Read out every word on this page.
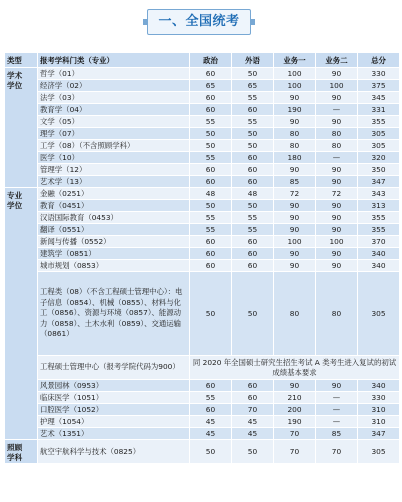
一、全国统考
类型	报考学科门类（专业）	政治	外语	业务一	业务二	总分
学术
学位	哲学（01）	60	50	100	90	330
	经济学（02）	65	65	100	100	375
	法学（03）	60	55	90	90	345
	教育学（04）	60	60	190	—	331
	文学（05）	55	55	90	90	355
	理学（07）	50	50	80	80	305
	工学（08）（不含照顾学科）	50	50	80	80	305
	医学（10）	55	60	180	—	320
	管理学（12）	60	60	90	90	350
	艺术学（13）	60	60	85	90	347
专业
学位	金融（0251）	48	48	72	72	343
	教育（0451）	50	50	90	90	313
	汉语国际教育（0453）	55	55	90	90	355
	翻译（0551）	55	55	90	90	355
	新闻与传播（0552）	60	60	100	100	370
	建筑学（0851）	60	60	90	90	340
	城市规划（0853）	60	60	90	90	340
	工程类（08）（不含工程硕士管理中心）：电子信息（0854）、机械（0855）、材料与化工（0856）、资源与环境（0857）、能源动力（0858）、土木水利（0859）、交通运输（0861）	50	50	80	80	305
	工程硕士管理中心（报考学院代码为900）	同 2020 年全国硕士研究生招生考试 A 类考生进入复试的初试成绩基本要求				
	风景园林（0953）	60	60	90	90	340
	临床医学（1051）	55	60	210	—	330
	口腔医学（1052）	60	70	200	—	310
	护理（1054）	45	45	190	—	310
	艺术（1351）	45	45	70	85	347
照顾
学科	航空宇航科学与技术（0825）	50	50	70	70	305
